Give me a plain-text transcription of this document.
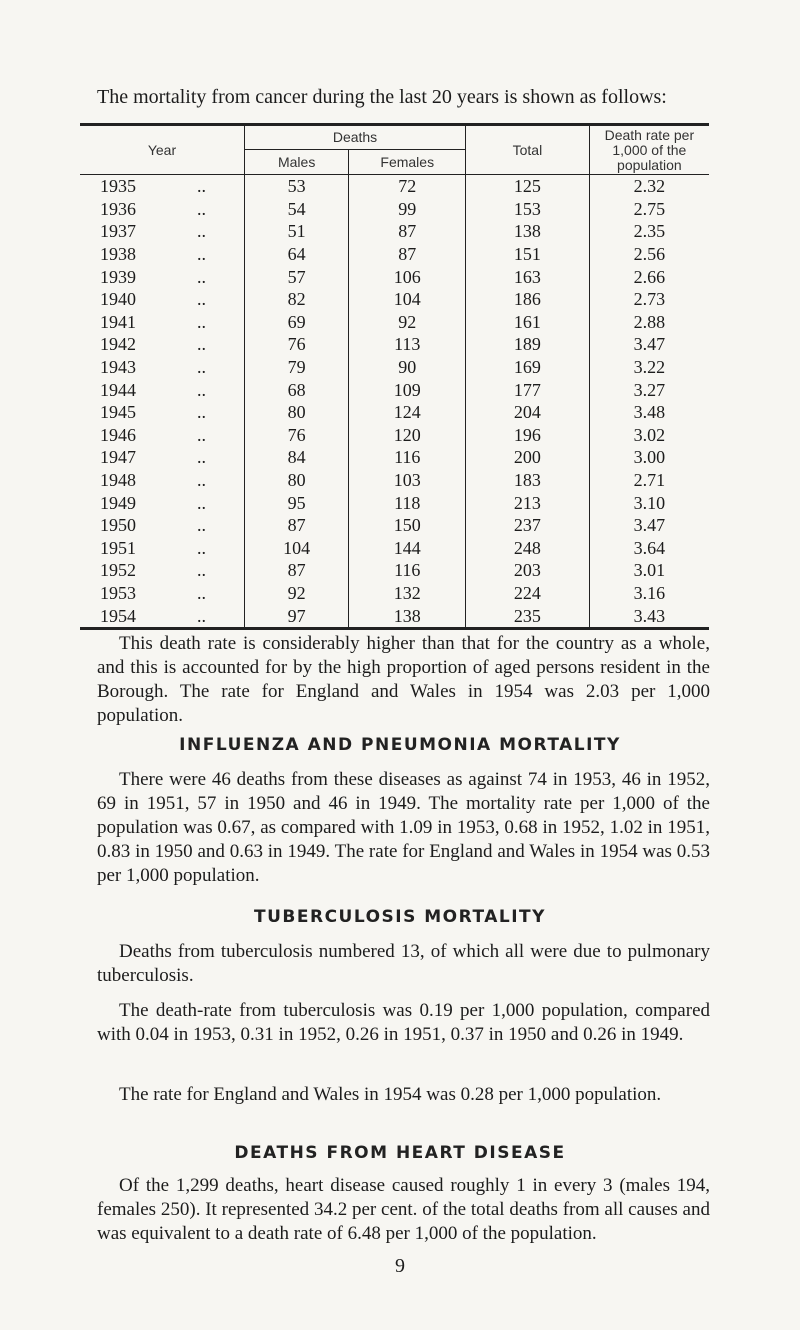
The mortality from cancer during the last 20 years is shown as follows:

Year	Deaths		Total	Death rate per
1,000 of the
population
	Males	Females		
1935 ..	53	72	125	2.32
1936 ..	54	99	153	2.75
1937 ..	51	87	138	2.35
1938 ..	64	87	151	2.56
1939 ..	57	106	163	2.66
1940 ..	82	104	186	2.73
1941 ..	69	92	161	2.88
1942 ..	76	113	189	3.47
1943 ..	79	90	169	3.22
1944 ..	68	109	177	3.27
1945 ..	80	124	204	3.48
1946 ..	76	120	196	3.02
1947 ..	84	116	200	3.00
1948 ..	80	103	183	2.71
1949 ..	95	118	213	3.10
1950 ..	87	150	237	3.47
1951 ..	104	144	248	3.64
1952 ..	87	116	203	3.01
1953 ..	92	132	224	3.16
1954 ..	97	138	235	3.43

This death rate is considerably higher than that for the country as a whole, and this is accounted for by the high proportion of aged persons resident in the Borough. The rate for England and Wales in 1954 was 2.03 per 1,000 population.

INFLUENZA AND PNEUMONIA MORTALITY

There were 46 deaths from these diseases as against 74 in 1953, 46 in 1952, 69 in 1951, 57 in 1950 and 46 in 1949. The mortality rate per 1,000 of the population was 0.67, as compared with 1.09 in 1953, 0.68 in 1952, 1.02 in 1951, 0.83 in 1950 and 0.63 in 1949. The rate for England and Wales in 1954 was 0.53 per 1,000 population.

TUBERCULOSIS MORTALITY

Deaths from tuberculosis numbered 13, of which all were due to pulmonary tuberculosis.

The death-rate from tuberculosis was 0.19 per 1,000 population, compared with 0.04 in 1953, 0.31 in 1952, 0.26 in 1951, 0.37 in 1950 and 0.26 in 1949.

The rate for England and Wales in 1954 was 0.28 per 1,000 population.

DEATHS FROM HEART DISEASE

Of the 1,299 deaths, heart disease caused roughly 1 in every 3 (males 194, females 250). It represented 34.2 per cent. of the total deaths from all causes and was equivalent to a death rate of 6.48 per 1,000 of the population.

9
